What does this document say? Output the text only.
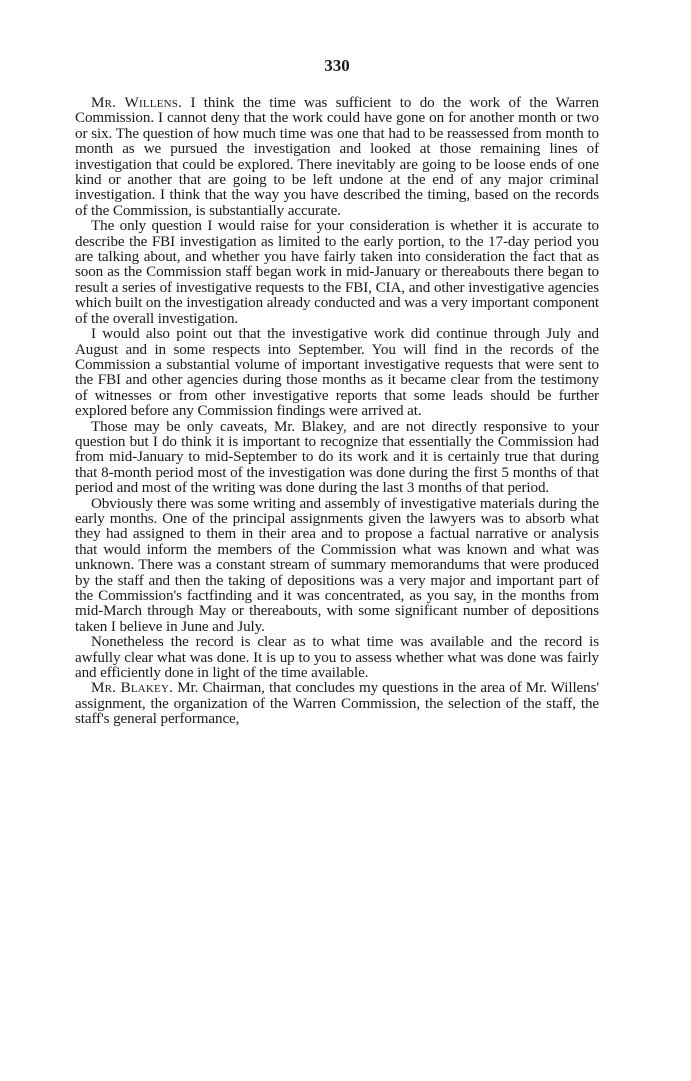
330

Mr. Willens. I think the time was sufficient to do the work of the Warren Commission. I cannot deny that the work could have gone on for another month or two or six. The question of how much time was one that had to be reassessed from month to month as we pursued the investigation and looked at those remaining lines of investigation that could be explored. There inevitably are going to be loose ends of one kind or another that are going to be left undone at the end of any major criminal investigation. I think that the way you have described the timing, based on the records of the Commission, is substantially accurate.

The only question I would raise for your consideration is whether it is accurate to describe the FBI investigation as limited to the early portion, to the 17-day period you are talking about, and whether you have fairly taken into consideration the fact that as soon as the Commission staff began work in mid-January or thereabouts there began to result a series of investigative requests to the FBI, CIA, and other investigative agencies which built on the investigation already conducted and was a very important component of the overall investigation.

I would also point out that the investigative work did continue through July and August and in some respects into September. You will find in the records of the Commission a substantial volume of important investigative requests that were sent to the FBI and other agencies during those months as it became clear from the testimony of witnesses or from other investigative reports that some leads should be further explored before any Commission findings were arrived at.

Those may be only caveats, Mr. Blakey, and are not directly responsive to your question but I do think it is important to recognize that essentially the Commission had from mid-January to mid-September to do its work and it is certainly true that during that 8-month period most of the investigation was done during the first 5 months of that period and most of the writing was done during the last 3 months of that period.

Obviously there was some writing and assembly of investigative materials during the early months. One of the principal assignments given the lawyers was to absorb what they had assigned to them in their area and to propose a factual narrative or analysis that would inform the members of the Commission what was known and what was unknown. There was a constant stream of summary memorandums that were produced by the staff and then the taking of depositions was a very major and important part of the Commission's factfinding and it was concentrated, as you say, in the months from mid-March through May or thereabouts, with some significant number of depositions taken I believe in June and July.

Nonetheless the record is clear as to what time was available and the record is awfully clear what was done. It is up to you to assess whether what was done was fairly and efficiently done in light of the time available.

Mr. Blakey. Mr. Chairman, that concludes my questions in the area of Mr. Willens' assignment, the organization of the Warren Commission, the selection of the staff, the staff's general performance,
